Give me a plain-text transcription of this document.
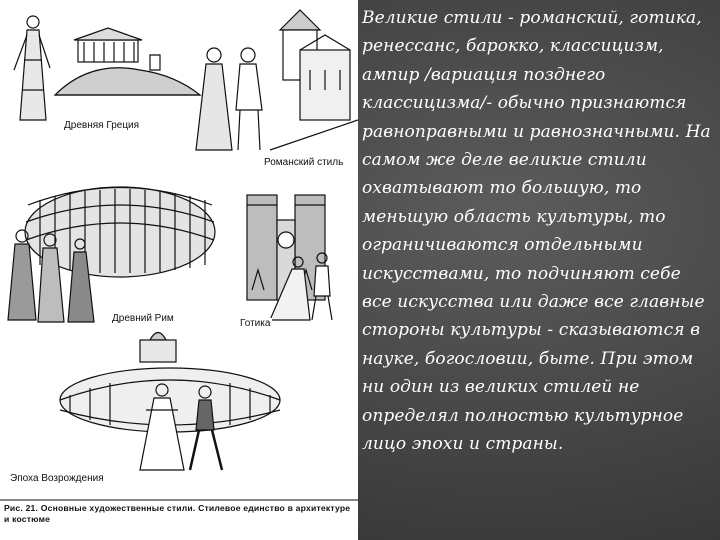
Древняя Греция
Романский стиль
Древний Рим	Готика
Эпоха Возрождения
Рис. 21. Основные художественные стили. Стилевое единство в архитектуре и костюме
Великие стили - романский, готика, ренессанс, барокко, классицизм, ампир /вариация позднего классицизма/- обычно признаются равноправными и равнозначными. На самом же деле великие стили охватывают то большую, то меньшую область культуры, то ограничиваются отдельными искусствами, то подчиняют себе все искусства или даже все главные стороны культуры - сказываются в науке, богословии, быте. При этом ни один из великих стилей не определял полностью культурное лицо эпохи и страны.
